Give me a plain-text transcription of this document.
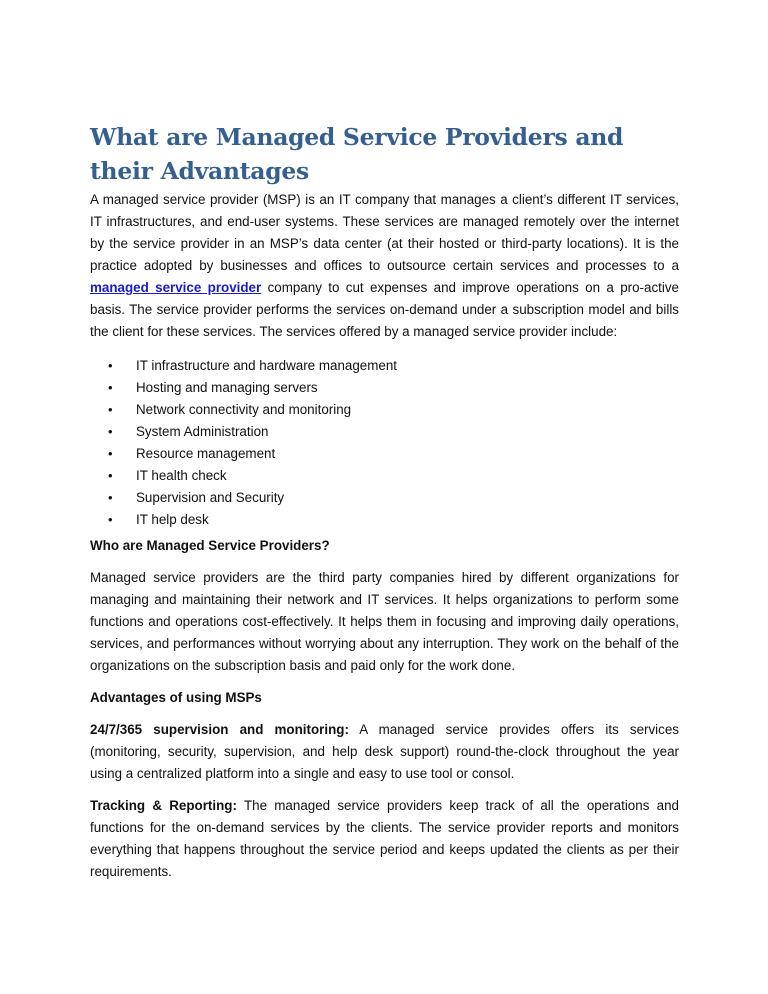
What are Managed Service Providers and their Advantages

A managed service provider (MSP) is an IT company that manages a client’s different IT services, IT infrastructures, and end-user systems. These services are managed remotely over the internet by the service provider in an MSP’s data center (at their hosted or third-party locations). It is the practice adopted by businesses and offices to outsource certain services and processes to a managed service provider company to cut expenses and improve operations on a pro-active basis. The service provider performs the services on-demand under a subscription model and bills the client for these services. The services offered by a managed service provider include:

• IT infrastructure and hardware management
• Hosting and managing servers
• Network connectivity and monitoring
• System Administration
• Resource management
• IT health check
• Supervision and Security
• IT help desk

Who are Managed Service Providers?

Managed service providers are the third party companies hired by different organizations for managing and maintaining their network and IT services. It helps organizations to perform some functions and operations cost-effectively. It helps them in focusing and improving daily operations, services, and performances without worrying about any interruption. They work on the behalf of the organizations on the subscription basis and paid only for the work done.

Advantages of using MSPs

24/7/365 supervision and monitoring: A managed service provides offers its services (monitoring, security, supervision, and help desk support) round-the-clock throughout the year using a centralized platform into a single and easy to use tool or consol.

Tracking & Reporting: The managed service providers keep track of all the operations and functions for the on-demand services by the clients. The service provider reports and monitors everything that happens throughout the service period and keeps updated the clients as per their requirements.
